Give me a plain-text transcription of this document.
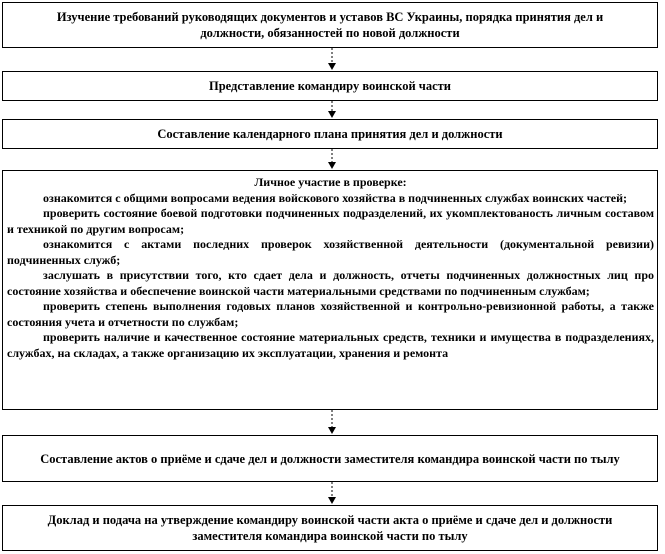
Изучение требований руководящих документов и уставов ВС Украины, порядка принятия дел и должности, обязанностей по новой должности
Представление командиру воинской части
Составление календарного плана принятия дел и должности
Личное участие в проверке:

ознакомится с общими вопросами ведения войскового хозяйства в подчиненных службах воинских частей;

проверить состояние боевой подготовки подчиненных подразделений, их укомплектованость личным составом и техникой по другим вопросам;

ознакомится с актами последних проверок хозяйственной деятельности (документальной ревизии) подчиненных служб;

заслушать в присутствии того, кто сдает дела и должность, отчеты подчиненных должностных лиц про состояние хозяйства и обеспечение воинской части материальными средствами по подчиненным службам;

проверить степень выполнения годовых планов хозяйственной и контрольно-ревизионной работы, а также состояния учета и отчетности по службам;

проверить наличие и качественное состояние материальных средств, техники и имущества в подразделениях, службах, на складах, а также организацию их эксплуатации, хранения и ремонта

Составление актов о приёме и сдаче дел и должности заместителя командира воинской части по тылу
Доклад и подача на утверждение командиру воинской части акта о приёме и сдаче дел и должности заместителя командира воинской части по тылу
